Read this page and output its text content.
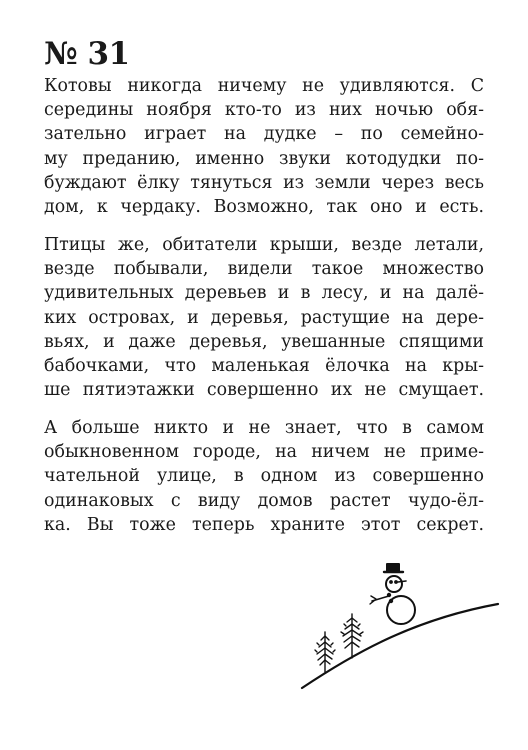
№ 31
Котовы никогда ничему не удивляются. С
середины ноября кто-то из них ночью обя-
зательно играет на дудке – по семейно-
му преданию, именно звуки котодудки по-
буждают ёлку тянуться из земли через весь
дом, к чердаку. Возможно, так оно и есть.
Птицы же, обитатели крыши, везде летали,
везде побывали, видели такое множество
удивительных деревьев и в лесу, и на далё-
ких островах, и деревья, растущие на дере-
вьях, и даже деревья, увешанные спящими
бабочками, что маленькая ёлочка на кры-
ше пятиэтажки совершенно их не смущает.
А больше никто и не знает, что в самом
обыкновенном городе, на ничем не приме-
чательной улице, в одном из совершенно
одинаковых с виду домов растет чудо-ёл-
ка. Вы тоже теперь храните этот секрет.
